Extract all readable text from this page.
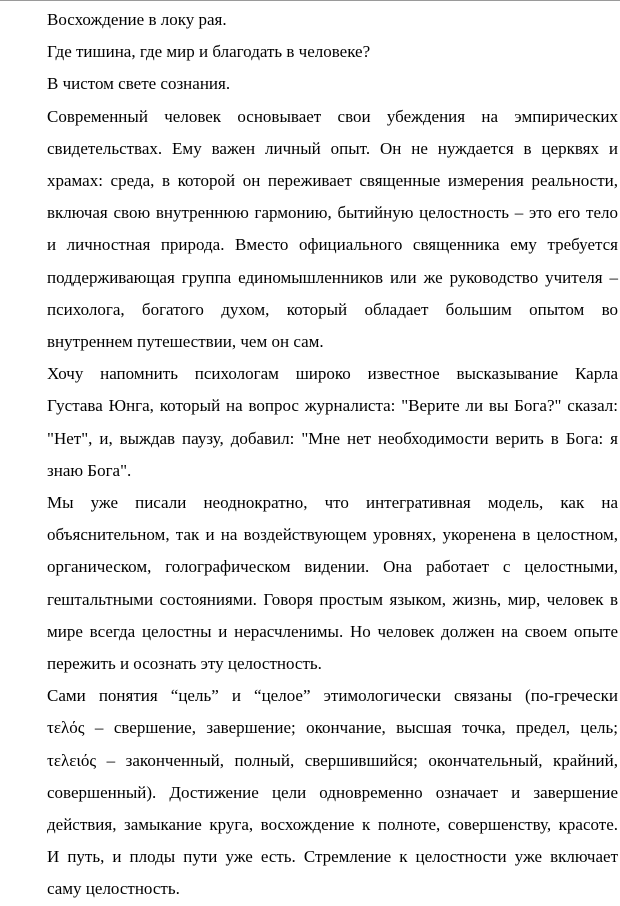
Восхождение в локу рая.

Где тишина, где мир и благодать в человеке?

В чистом свете сознания.

Современный человек основывает свои убеждения на эмпирических
свидетельствах. Ему важен личный опыт. Он не нуждается в церквях и
храмах: среда, в которой он переживает священные измерения реальности,
включая свою внутреннюю гармонию, бытийную целостность – это его тело
и личностная природа. Вместо официального священника ему требуется
поддерживающая группа единомышленников или же руководство учителя –
психолога, богатого духом, который обладает большим опытом во
внутреннем путешествии, чем он сам.

Хочу напомнить психологам широко известное высказывание Карла
Густава Юнга, который на вопрос журналиста: "Верите ли вы Бога?" сказал:
"Нет", и, выждав паузу, добавил: "Мне нет необходимости верить в Бога: я
знаю Бога".

Мы уже писали неоднократно, что интегративная модель, как на
объяснительном, так и на воздействующем уровнях, укоренена в целостном,
органическом, голографическом видении. Она работает с целостными,
гештальтными состояниями. Говоря простым языком, жизнь, мир, человек в
мире всегда целостны и нерасчленимы. Но человек должен на своем опыте
пережить и осознать эту целостность.

Сами понятия “цель” и “целое” этимологически связаны (по-гречески
τελός – свершение, завершение; окончание, высшая точка, предел, цель;
τελειός – законченный, полный, свершившийся; окончательный, крайний,
совершенный). Достижение цели одновременно означает и завершение
действия, замыкание круга, восхождение к полноте, совершенству, красоте.
И путь, и плоды пути уже есть. Стремление к целостности уже включает
саму целостность.
